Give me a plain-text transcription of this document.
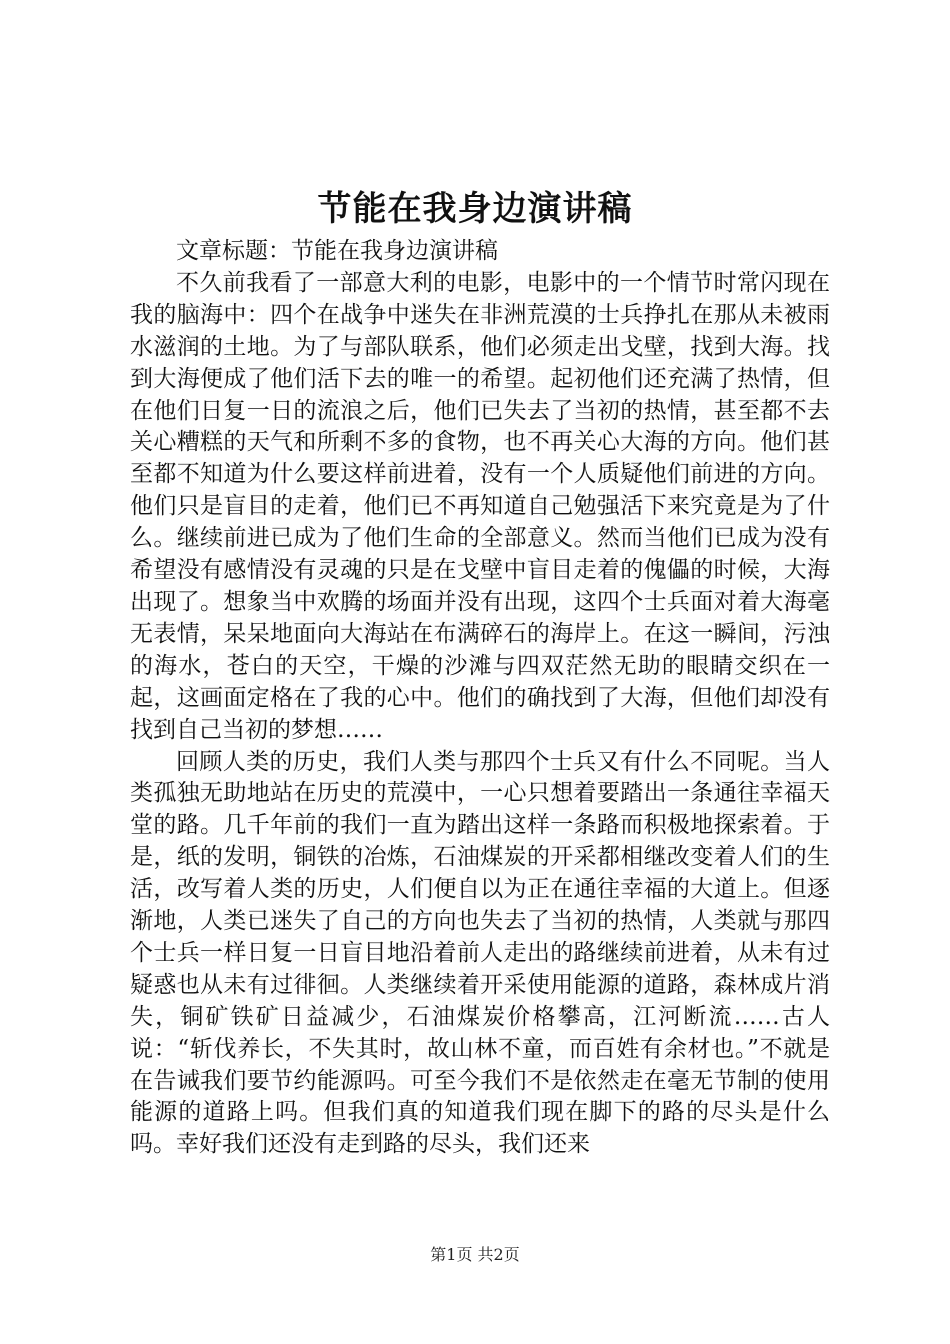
节能在我身边演讲稿

文章标题：节能在我身边演讲稿

不久前我看了一部意大利的电影，电影中的一个情节时常闪现在我的脑海中：四个在战争中迷失在非洲荒漠的士兵挣扎在那从未被雨水滋润的土地。为了与部队联系，他们必须走出戈壁，找到大海。找到大海便成了他们活下去的唯一的希望。起初他们还充满了热情，但在他们日复一日的流浪之后，他们已失去了当初的热情，甚至都不去关心糟糕的天气和所剩不多的食物，也不再关心大海的方向。他们甚至都不知道为什么要这样前进着，没有一个人质疑他们前进的方向。他们只是盲目的走着，他们已不再知道自己勉强活下来究竟是为了什么。继续前进已成为了他们生命的全部意义。然而当他们已成为没有希望没有感情没有灵魂的只是在戈壁中盲目走着的傀儡的时候，大海出现了。想象当中欢腾的场面并没有出现，这四个士兵面对着大海毫无表情，呆呆地面向大海站在布满碎石的海岸上。在这一瞬间，污浊的海水，苍白的天空，干燥的沙滩与四双茫然无助的眼睛交织在一起，这画面定格在了我的心中。他们的确找到了大海，但他们却没有找到自己当初的梦想……

回顾人类的历史，我们人类与那四个士兵又有什么不同呢。当人类孤独无助地站在历史的荒漠中，一心只想着要踏出一条通往幸福天堂的路。几千年前的我们一直为踏出这样一条路而积极地探索着。于是，纸的发明，铜铁的冶炼，石油煤炭的开采都相继改变着人们的生活，改写着人类的历史，人们便自以为正在通往幸福的大道上。但逐渐地，人类已迷失了自己的方向也失去了当初的热情，人类就与那四个士兵一样日复一日盲目地沿着前人走出的路继续前进着，从未有过疑惑也从未有过徘徊。人类继续着开采使用能源的道路，森林成片消失，铜矿铁矿日益减少，石油煤炭价格攀高，江河断流……古人说：“斩伐养长，不失其时，故山林不童，而百姓有余材也。”不就是在告诫我们要节约能源吗。可至今我们不是依然走在毫无节制的使用能源的道路上吗。但我们真的知道我们现在脚下的路的尽头是什么吗。幸好我们还没有走到路的尽头，我们还来

第1页 共2页
